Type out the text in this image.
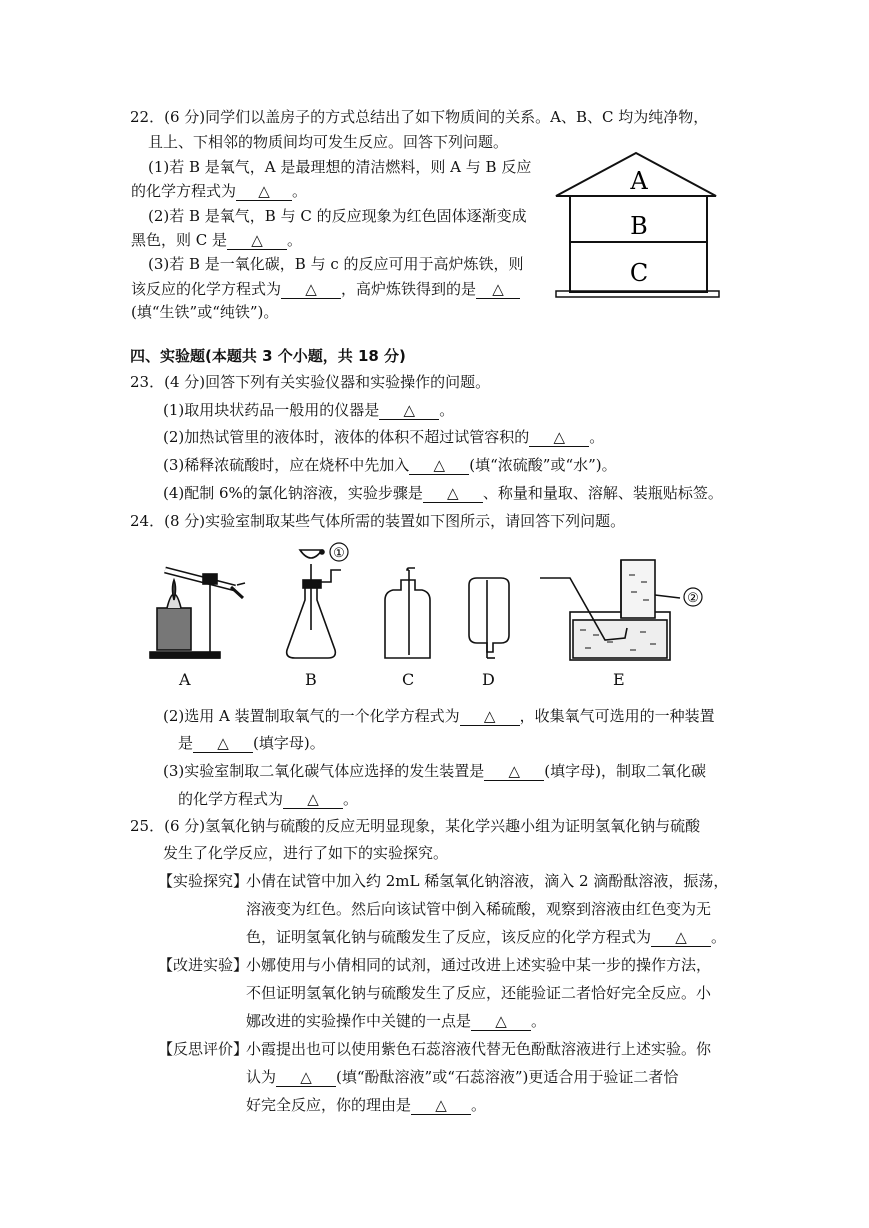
22．(6 分)同学们以盖房子的方式总结出了如下物质间的关系。A、B、C 均为纯净物，
且上、下相邻的物质间均可发生反应。回答下列问题。
(1)若 B 是氧气，A 是最理想的清洁燃料，则 A 与 B 反应
的化学方程式为 △ 。
(2)若 B 是氧气，B 与 C 的反应现象为红色固体逐渐变成
黑色，则 C 是 △ 。
(3)若 B 是一氧化碳，B 与 c 的反应可用于高炉炼铁，则
该反应的化学方程式为 △ ，高炉炼铁得到的是 △
(填“生铁”或“纯铁”)。
A
B
C
四、实验题(本题共 3 个小题，共 18 分)
23．(4 分)回答下列有关实验仪器和实验操作的问题。
(1)取用块状药品一般用的仪器是 △ 。
(2)加热试管里的液体时，液体的体积不超过试管容积的 △ 。
(3)稀释浓硫酸时，应在烧杯中先加入 △ (填“浓硫酸”或“水”)。
(4)配制 6%的氯化钠溶液，实验步骤是 △ 、称量和量取、溶解、装瓶贴标签。
24．(8 分)实验室制取某些气体所需的装置如下图所示，请回答下列问题。
①
②
A	B	C	D	E
(2)选用 A 装置制取氧气的一个化学方程式为 △ ，收集氧气可选用的一种装置
是 △ (填字母)。
(3)实验室制取二氧化碳气体应选择的发生装置是 △ (填字母)，制取二氧化碳
的化学方程式为 △ 。
25．(6 分)氢氧化钠与硫酸的反应无明显现象，某化学兴趣小组为证明氢氧化钠与硫酸
发生了化学反应，进行了如下的实验探究。
【实验探究】
小倩在试管中加入约 2mL 稀氢氧化钠溶液，滴入 2 滴酚酞溶液，振荡，
溶液变为红色。然后向该试管中倒入稀硫酸，观察到溶液由红色变为无
色，证明氢氧化钠与硫酸发生了反应，该反应的化学方程式为 △ 。
【改进实验】
小娜使用与小倩相同的试剂，通过改进上述实验中某一步的操作方法，
不但证明氢氧化钠与硫酸发生了反应，还能验证二者恰好完全反应。小
娜改进的实验操作中关键的一点是 △ 。
【反思评价】
小霞提出也可以使用紫色石蕊溶液代替无色酚酞溶液进行上述实验。你
认为 △ (填“酚酞溶液”或“石蕊溶液”)更适合用于验证二者恰
好完全反应，你的理由是 △ 。
